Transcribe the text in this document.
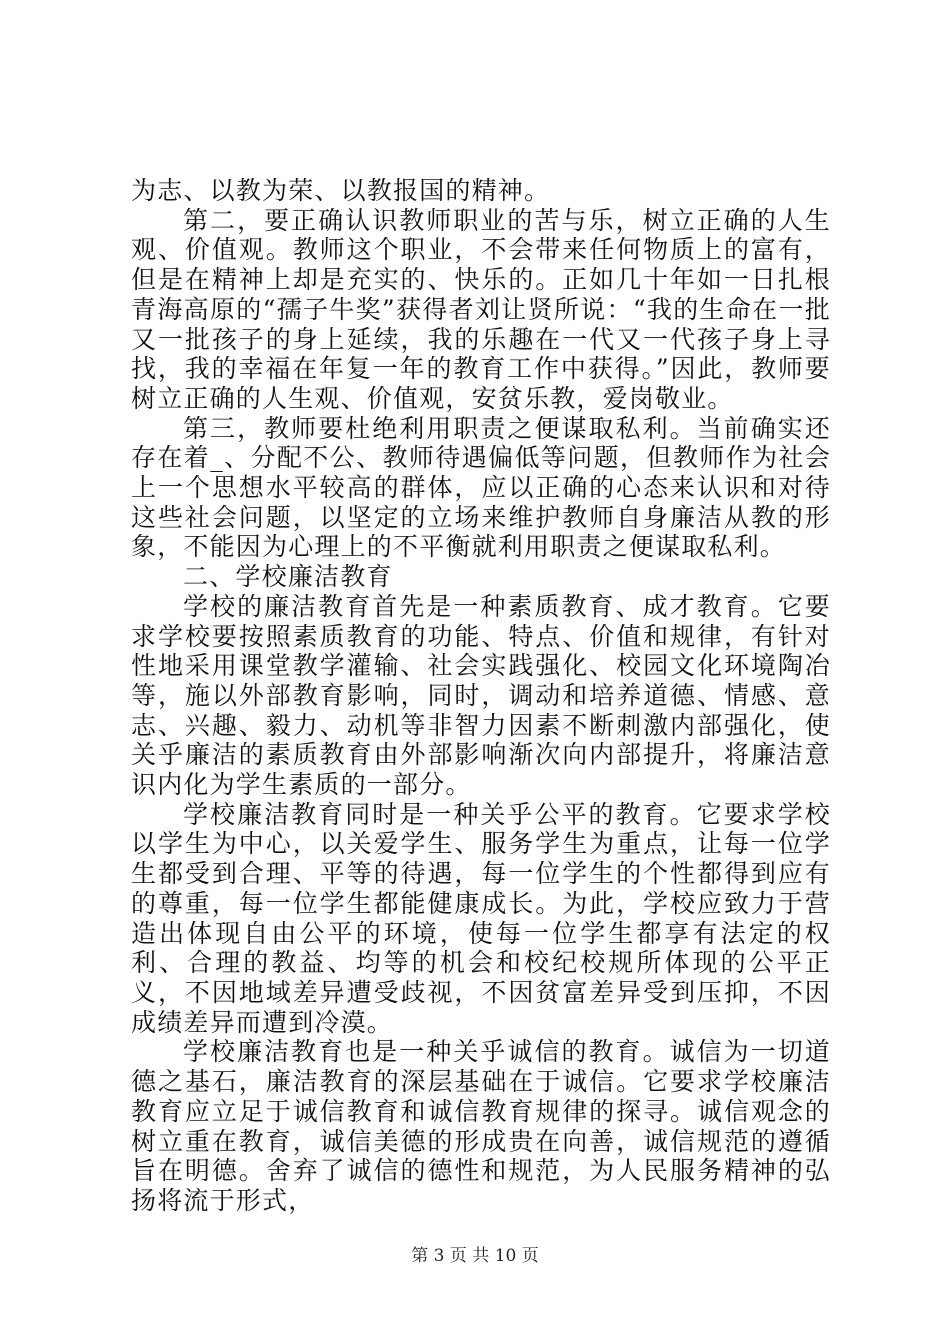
为志、以教为荣、以教报国的精神。

第二，要正确认识教师职业的苦与乐，树立正确的人生观、价值观。教师这个职业，不会带来任何物质上的富有，但是在精神上却是充实的、快乐的。正如几十年如一日扎根青海高原的“孺子牛奖”获得者刘让贤所说：“我的生命在一批又一批孩子的身上延续，我的乐趣在一代又一代孩子身上寻找，我的幸福在年复一年的教育工作中获得。”因此，教师要树立正确的人生观、价值观，安贫乐教，爱岗敬业。

第三，教师要杜绝利用职责之便谋取私利。当前确实还存在着_、分配不公、教师待遇偏低等问题，但教师作为社会上一个思想水平较高的群体，应以正确的心态来认识和对待这些社会问题，以坚定的立场来维护教师自身廉洁从教的形象，不能因为心理上的不平衡就利用职责之便谋取私利。

二、学校廉洁教育

学校的廉洁教育首先是一种素质教育、成才教育。它要求学校要按照素质教育的功能、特点、价值和规律，有针对性地采用课堂教学灌输、社会实践强化、校园文化环境陶冶等，施以外部教育影响，同时，调动和培养道德、情感、意志、兴趣、毅力、动机等非智力因素不断刺激内部强化，使关乎廉洁的素质教育由外部影响渐次向内部提升，将廉洁意识内化为学生素质的一部分。

学校廉洁教育同时是一种关乎公平的教育。它要求学校以学生为中心，以关爱学生、服务学生为重点，让每一位学生都受到合理、平等的待遇，每一位学生的个性都得到应有的尊重，每一位学生都能健康成长。为此，学校应致力于营造出体现自由公平的环境，使每一位学生都享有法定的权利、合理的教益、均等的机会和校纪校规所体现的公平正义，不因地域差异遭受歧视，不因贫富差异受到压抑，不因成绩差异而遭到冷漠。

学校廉洁教育也是一种关乎诚信的教育。诚信为一切道德之基石，廉洁教育的深层基础在于诚信。它要求学校廉洁教育应立足于诚信教育和诚信教育规律的探寻。诚信观念的树立重在教育，诚信美德的形成贵在向善，诚信规范的遵循旨在明德。舍弃了诚信的德性和规范，为人民服务精神的弘扬将流于形式，

第 3 页 共 10 页
